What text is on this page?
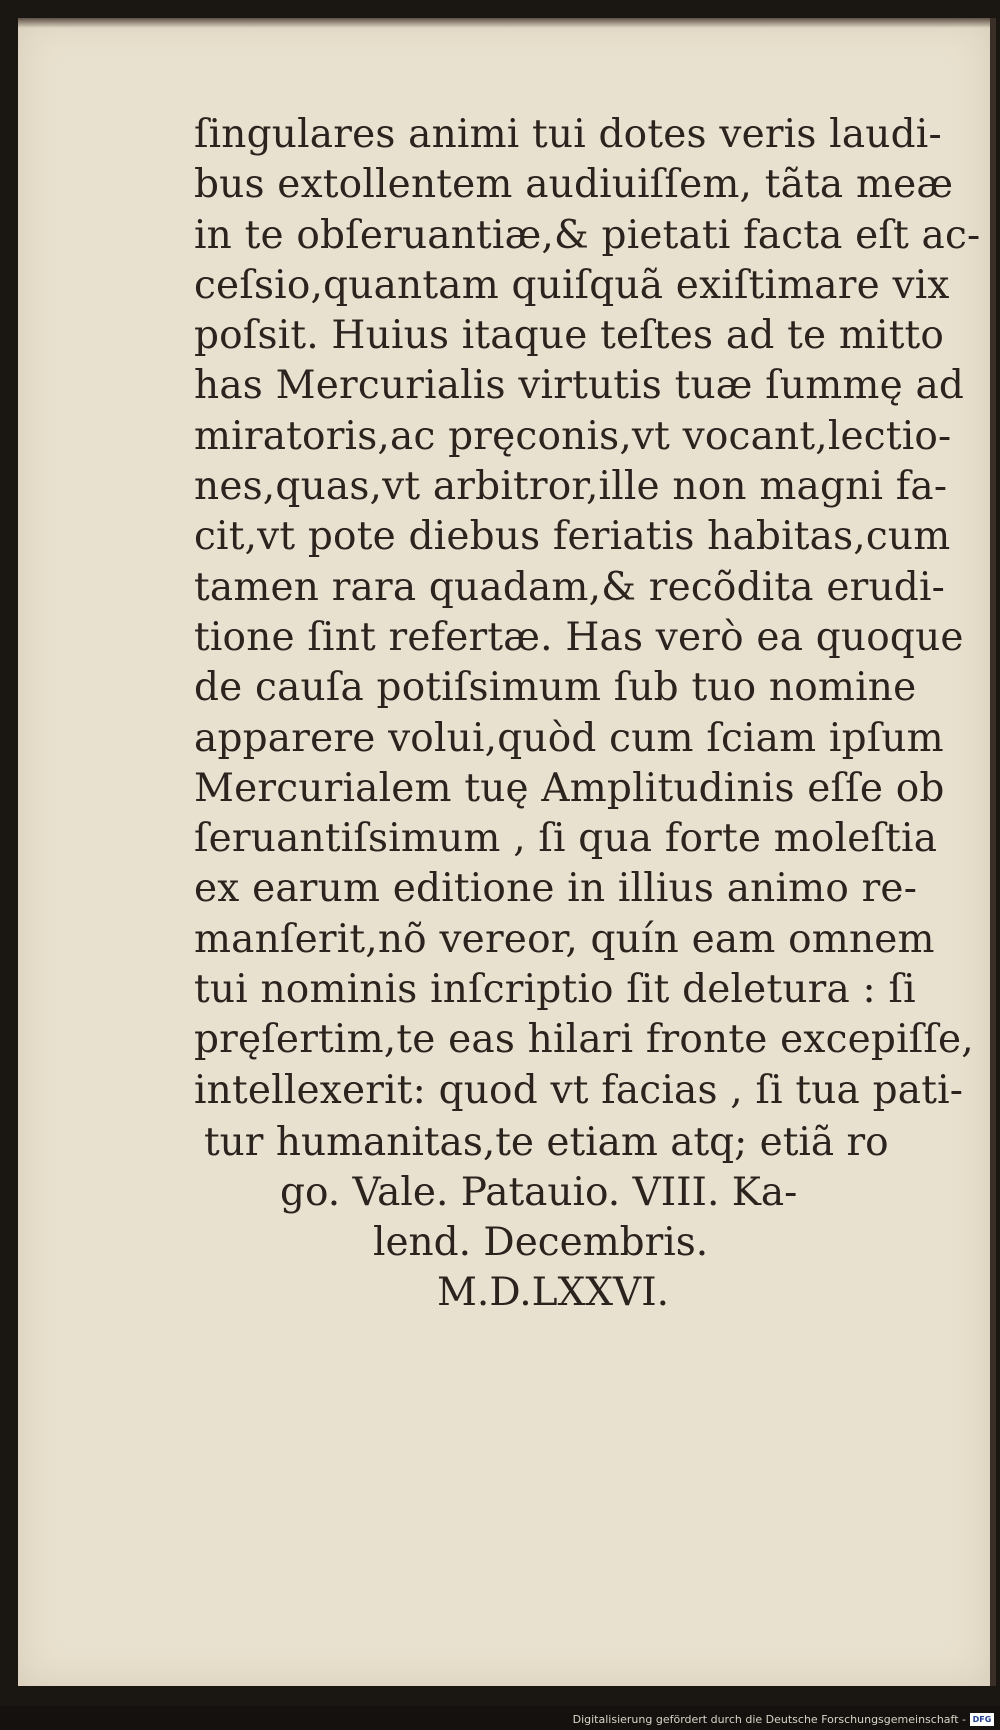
ſingulares animi tui dotes veris laudi-
bus extollentem audiuiſſem, tãta meæ
in te obſeruantiæ,& pietati facta eſt ac-
ceſsio,quantam quiſquã exiſtimare vix
poſsit. Huius itaque teſtes ad te mitto
has Mercurialis virtutis tuæ ſummę ad
miratoris,ac pręconis,vt vocant,lectio-
nes,quas,vt arbitror,ille non magni fa-
cit,vt pote diebus feriatis habitas,cum
tamen rara quadam,& recõdita erudi-
tione ſint refertæ. Has verò ea quoque
de cauſa potiſsimum ſub tuo nomine
apparere volui,quòd cum ſciam ipſum
Mercurialem tuę Amplitudinis eſſe ob
ſeruantiſsimum , ſi qua forte moleſtia
ex earum editione in illius animo re-
manſerit,nõ vereor, quín eam omnem
tui nominis inſcriptio ſit deletura : ſi
pręſertim,te eas hilari fronte excepiſſe,
intellexerit: quod vt facias , ſi tua pati-
tur humanitas,te etiam atq; etiã ro
go. Vale. Patauio. VIII. Ka-
lend. Decembris.
M.D.LXXVI.
Digitalisierung gefördert durch die Deutsche Forschungsgemeinschaft - DFG
